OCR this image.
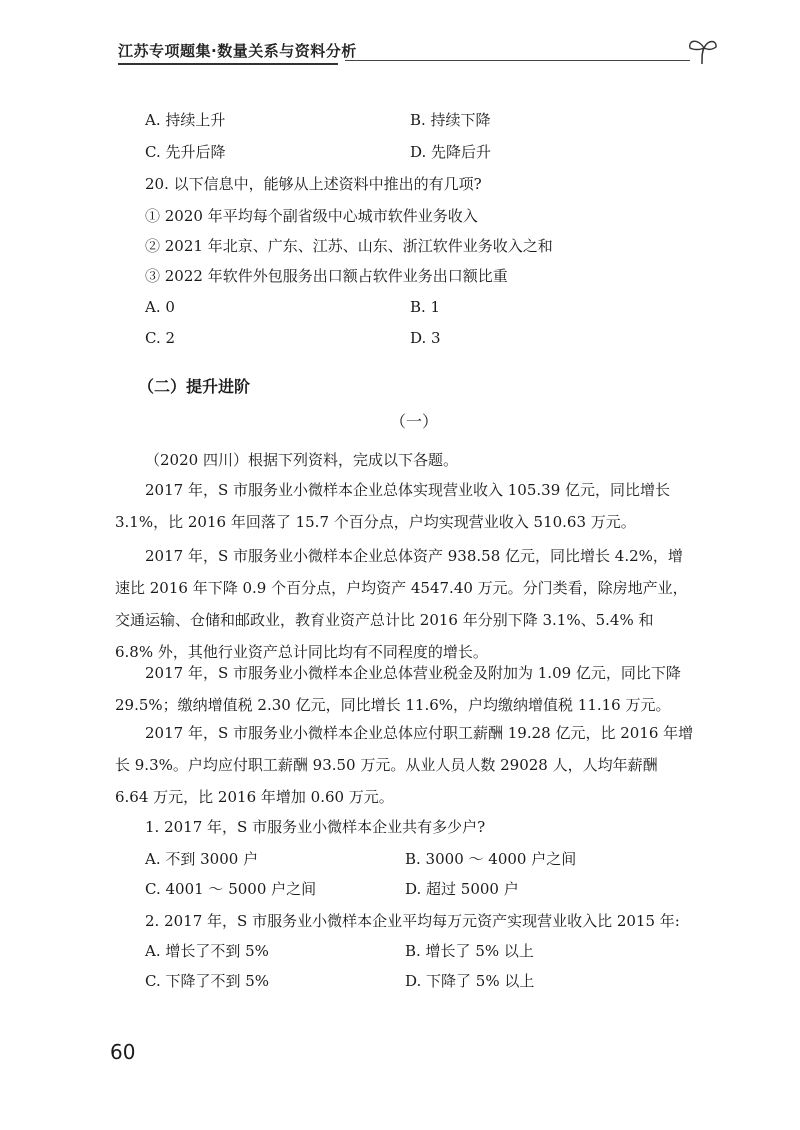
江苏专项题集·数量关系与资料分析
A. 持续上升	B. 持续下降
C. 先升后降	D. 先降后升
20. 以下信息中，能够从上述资料中推出的有几项?
① 2020 年平均每个副省级中心城市软件业务收入
② 2021 年北京、广东、江苏、山东、浙江软件业务收入之和
③ 2022 年软件外包服务出口额占软件业务出口额比重
A. 0	B. 1
C. 2	D. 3
（二）提升进阶
（一）
（2020 四川）根据下列资料，完成以下各题。
2017 年，S 市服务业小微样本企业总体实现营业收入 105.39 亿元，同比增长 3.1%，比 2016 年回落了 15.7 个百分点，户均实现营业收入 510.63 万元。
2017 年，S 市服务业小微样本企业总体资产 938.58 亿元，同比增长 4.2%，增速比 2016 年下降 0.9 个百分点，户均资产 4547.40 万元。分门类看，除房地产业，交通运输、仓储和邮政业，教育业资产总计比 2016 年分别下降 3.1%、5.4% 和 6.8% 外，其他行业资产总计同比均有不同程度的增长。
2017 年，S 市服务业小微样本企业总体营业税金及附加为 1.09 亿元，同比下降 29.5%；缴纳增值税 2.30 亿元，同比增长 11.6%，户均缴纳增值税 11.16 万元。
2017 年，S 市服务业小微样本企业总体应付职工薪酬 19.28 亿元，比 2016 年增长 9.3%。户均应付职工薪酬 93.50 万元。从业人员人数 29028 人，人均年薪酬 6.64 万元，比 2016 年增加 0.60 万元。
1. 2017 年，S 市服务业小微样本企业共有多少户?
A. 不到 3000 户	B. 3000 ～ 4000 户之间
C. 4001 ～ 5000 户之间	D. 超过 5000 户
2. 2017 年，S 市服务业小微样本企业平均每万元资产实现营业收入比 2015 年:
A. 增长了不到 5%	B. 增长了 5% 以上
C. 下降了不到 5%	D. 下降了 5% 以上
60
